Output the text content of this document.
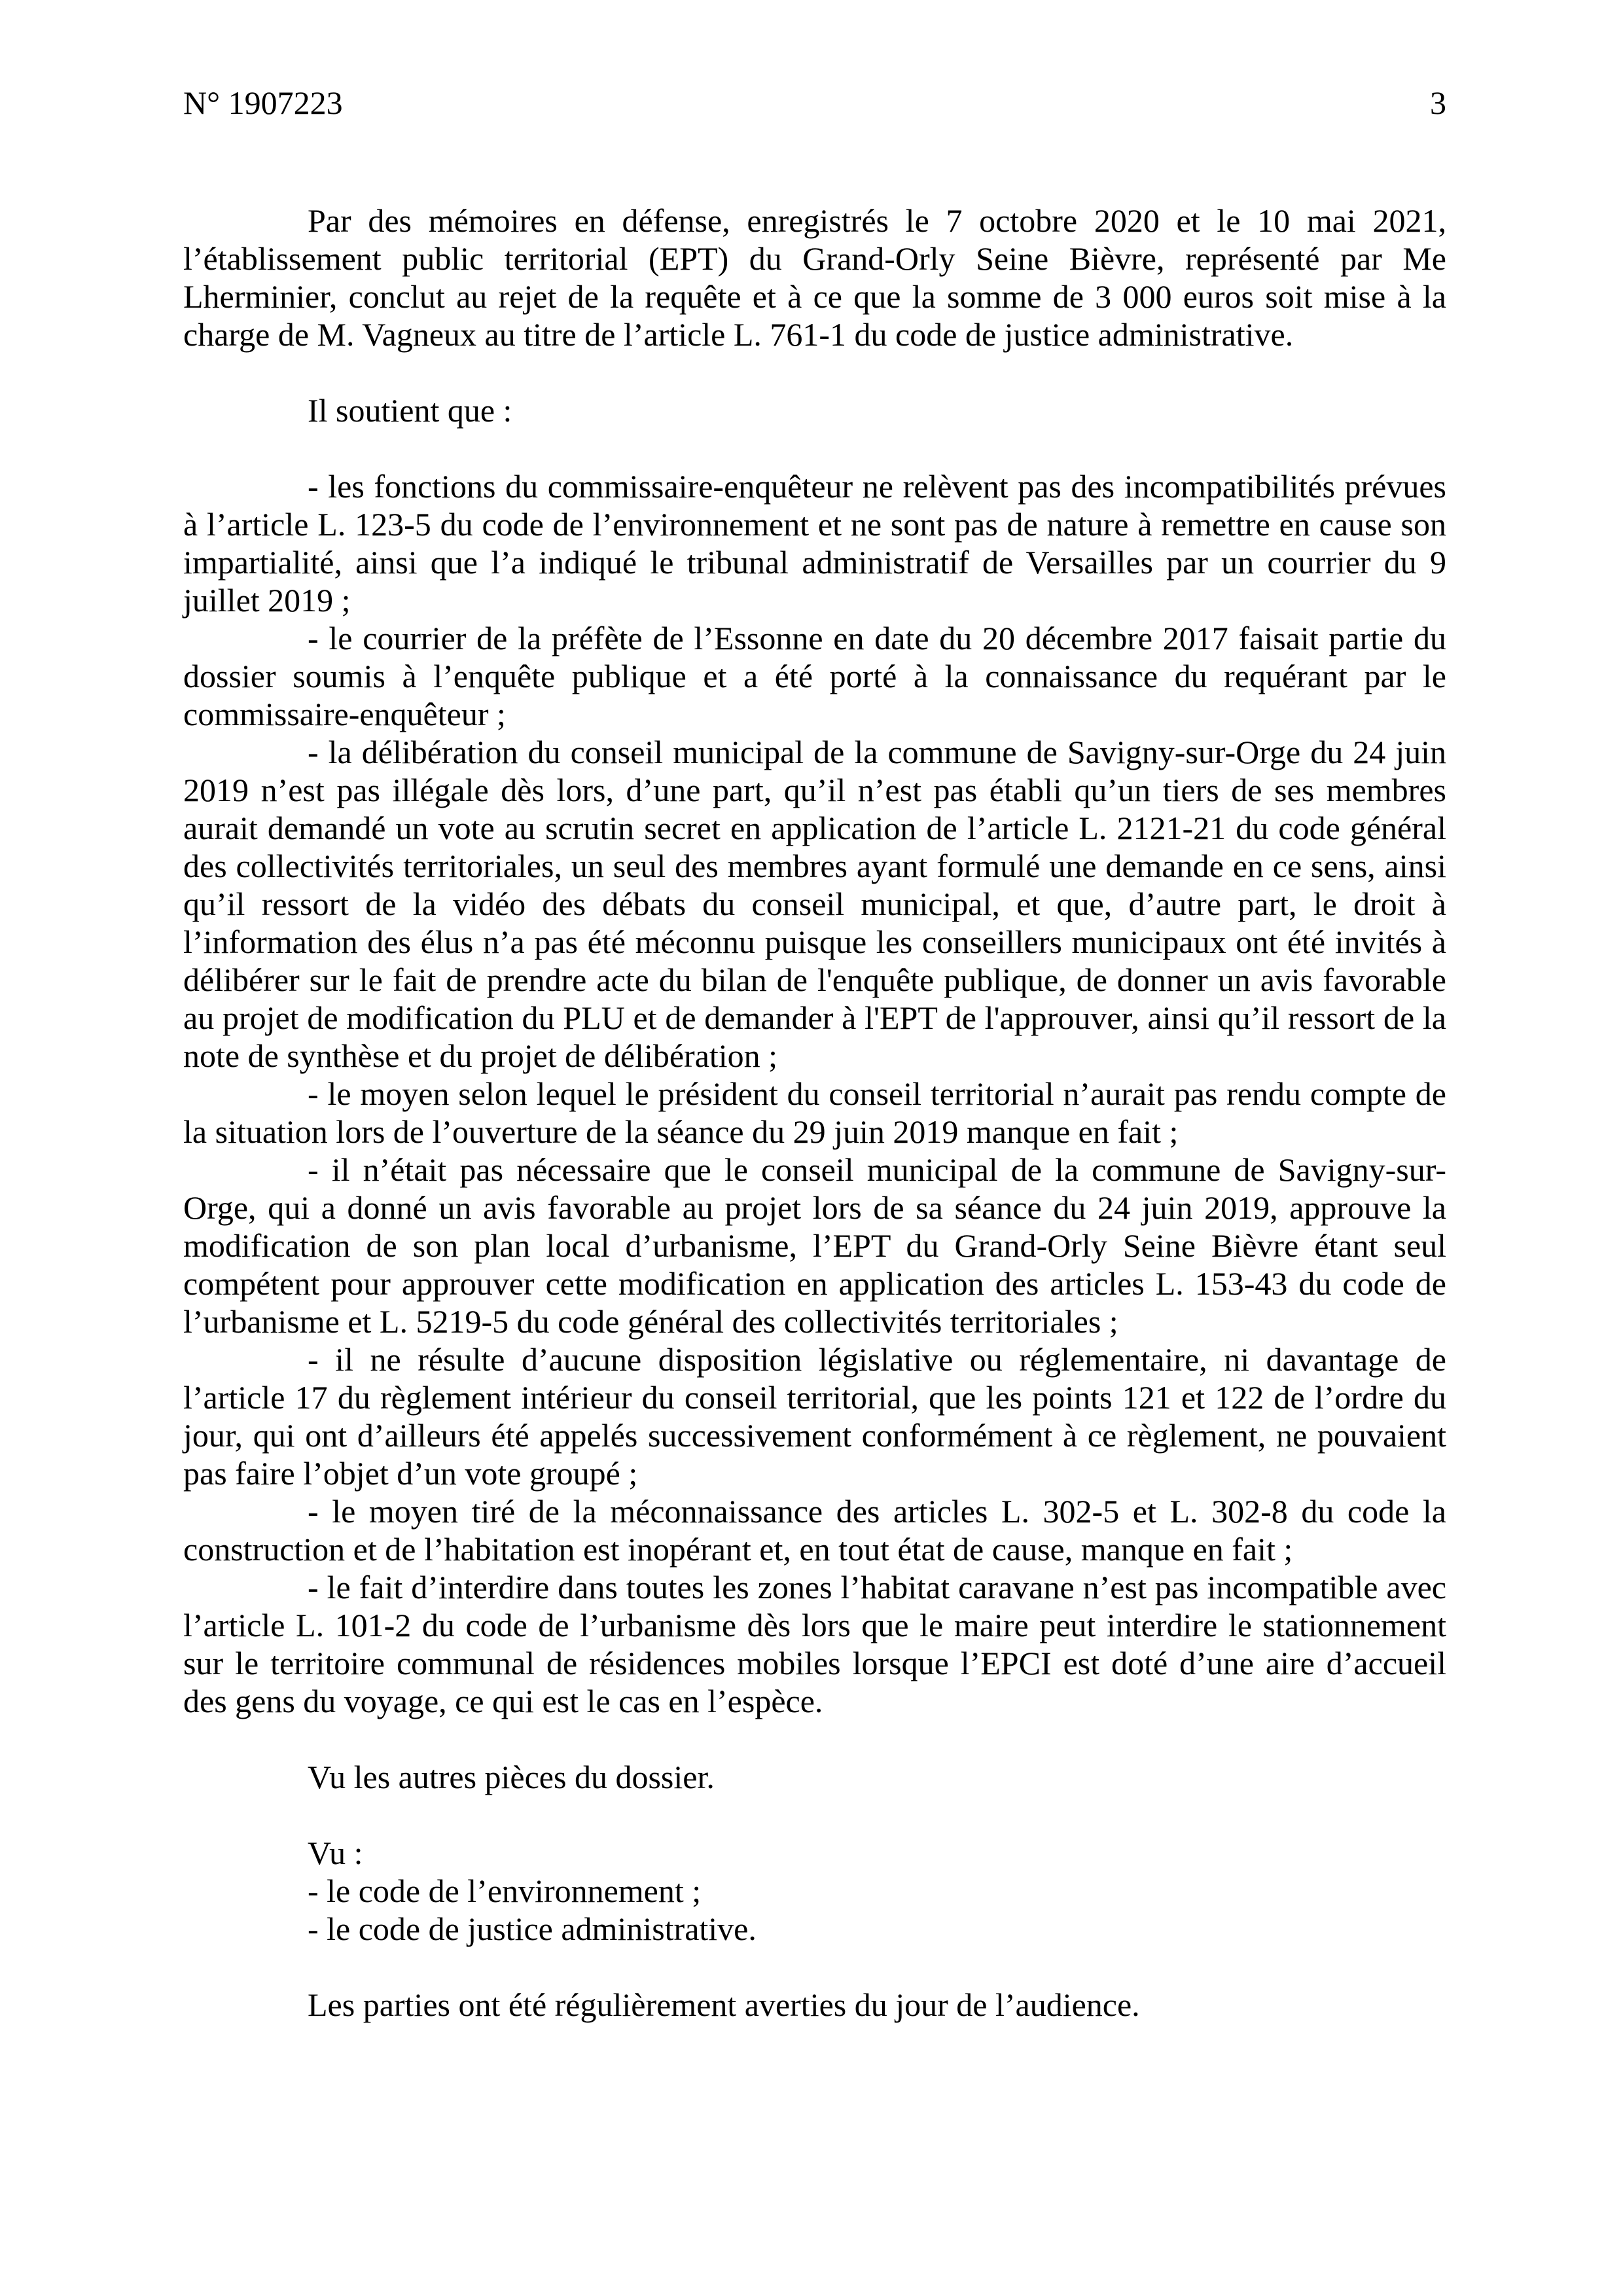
N° 1907223	3

Par des mémoires en défense, enregistrés le 7 octobre 2020 et le 10 mai 2021, l’établissement public territorial (EPT) du Grand-Orly Seine Bièvre, représenté par Me Lherminier, conclut au rejet de la requête et à ce que la somme de 3 000 euros soit mise à la charge de M. Vagneux au titre de l’article L. 761-1 du code de justice administrative.

Il soutient que :

- les fonctions du commissaire-enquêteur ne relèvent pas des incompatibilités prévues à l’article L. 123-5 du code de l’environnement et ne sont pas de nature à remettre en cause son impartialité, ainsi que l’a indiqué le tribunal administratif de Versailles par un courrier du 9 juillet 2019 ;

- le courrier de la préfète de l’Essonne en date du 20 décembre 2017 faisait partie du dossier soumis à l’enquête publique et a été porté à la connaissance du requérant par le commissaire-enquêteur ;

- la délibération du conseil municipal de la commune de Savigny-sur-Orge du 24 juin 2019 n’est pas illégale dès lors, d’une part, qu’il n’est pas établi qu’un tiers de ses membres aurait demandé un vote au scrutin secret en application de l’article L. 2121-21 du code général des collectivités territoriales, un seul des membres ayant formulé une demande en ce sens, ainsi qu’il ressort de la vidéo des débats du conseil municipal, et que, d’autre part, le droit à l’information des élus n’a pas été méconnu puisque les conseillers municipaux ont été invités à délibérer sur le fait de prendre acte du bilan de l'enquête publique, de donner un avis favorable au projet de modification du PLU et de demander à l'EPT de l'approuver, ainsi qu’il ressort de la note de synthèse et du projet de délibération ;

- le moyen selon lequel le président du conseil territorial n’aurait pas rendu compte de la situation lors de l’ouverture de la séance du 29 juin 2019 manque en fait ;

- il n’était pas nécessaire que le conseil municipal de la commune de Savigny-sur-Orge, qui a donné un avis favorable au projet lors de sa séance du 24 juin 2019, approuve la modification de son plan local d’urbanisme, l’EPT du Grand-Orly Seine Bièvre étant seul compétent pour approuver cette modification en application des articles L. 153-43 du code de l’urbanisme et L. 5219-5 du code général des collectivités territoriales ;

- il ne résulte d’aucune disposition législative ou réglementaire, ni davantage de l’article 17 du règlement intérieur du conseil territorial, que les points 121 et 122 de l’ordre du jour, qui ont d’ailleurs été appelés successivement conformément à ce règlement, ne pouvaient pas faire l’objet d’un vote groupé ;

- le moyen tiré de la méconnaissance des articles L. 302-5 et L. 302-8 du code la construction et de l’habitation est inopérant et, en tout état de cause, manque en fait ;

- le fait d’interdire dans toutes les zones l’habitat caravane n’est pas incompatible avec l’article L. 101-2 du code de l’urbanisme dès lors que le maire peut interdire le stationnement sur le territoire communal de résidences mobiles lorsque l’EPCI est doté d’une aire d’accueil des gens du voyage, ce qui est le cas en l’espèce.

Vu les autres pièces du dossier.

Vu :

- le code de l’environnement ;

- le code de justice administrative.

Les parties ont été régulièrement averties du jour de l’audience.
